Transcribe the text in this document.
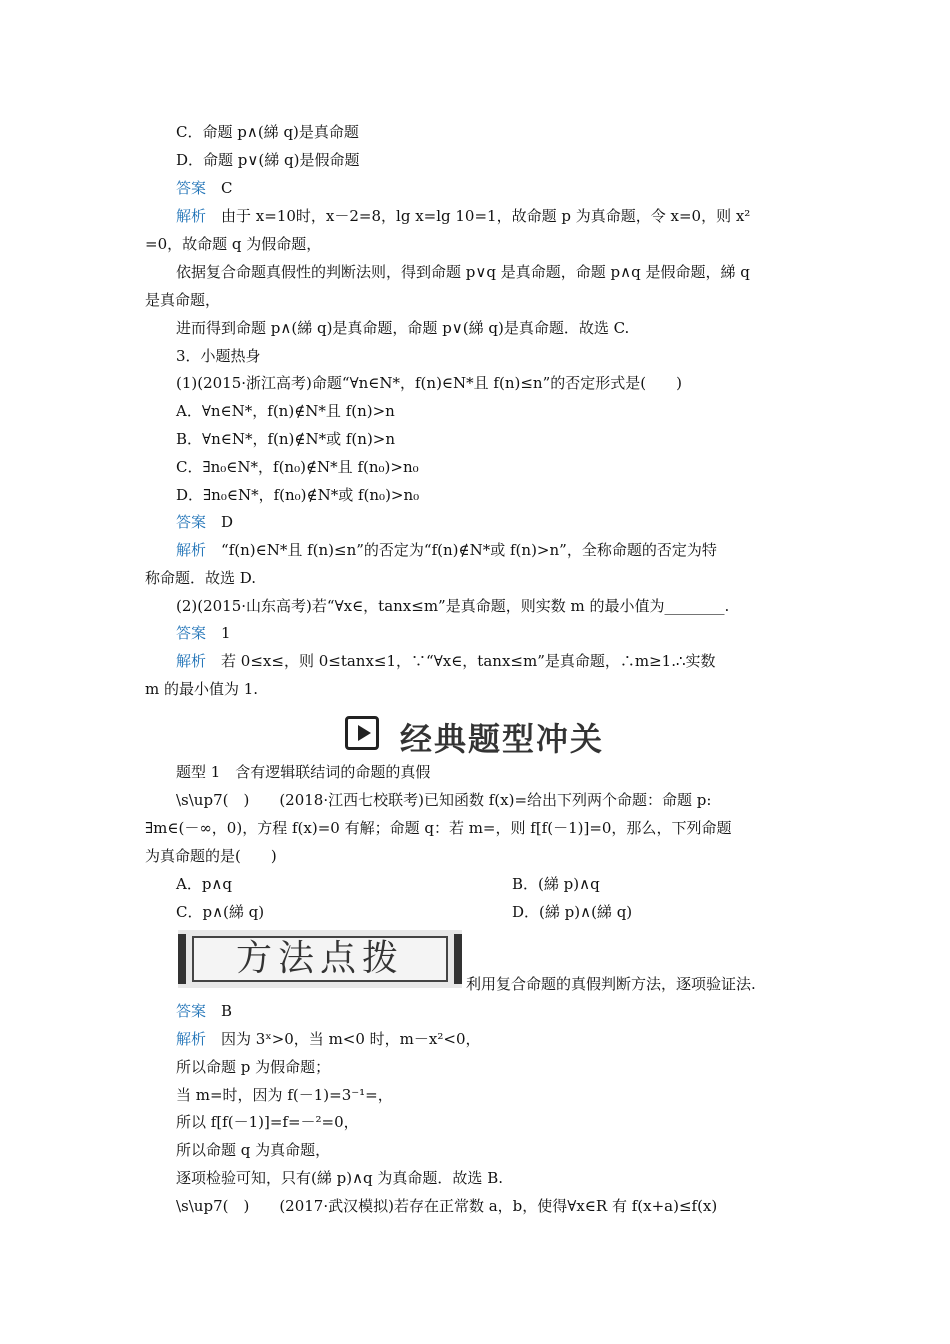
C．命题 p∧(綈 q)是真命题
D．命题 p∨(綈 q)是假命题
答案　 C
解析　 由于 x=10时，x－2=8，lg x=lg 10=1，故命题 p 为真命题，令 x=0，则 x²
=0，故命题 q 为假命题，
依据复合命题真假性的判断法则，得到命题 p∨q 是真命题，命题 p∧q 是假命题，綈 q
是真命题，
进而得到命题 p∧(綈 q)是真命题，命题 p∨(綈 q)是真命题．故选 C.
3．小题热身
(1)(2015·浙江高考)命题“∀n∈N*，f(n)∈N*且 f(n)≤n”的否定形式是(　　)
A．∀n∈N*，f(n)∉N*且 f(n)>n
B．∀n∈N*，f(n)∉N*或 f(n)>n
C．∃n₀∈N*，f(n₀)∉N*且 f(n₀)>n₀
D．∃n₀∈N*，f(n₀)∉N*或 f(n₀)>n₀
答案　 D
解析　 “f(n)∈N*且 f(n)≤n”的否定为“f(n)∉N*或 f(n)>n”，全称命题的否定为特
称命题．故选 D.
(2)(2015·山东高考)若“∀x∈，tanx≤m”是真命题，则实数 m 的最小值为________.
答案　 1
解析　 若 0≤x≤，则 0≤tanx≤1，∵“∀x∈，tanx≤m”是真命题，∴m≥1.∴实数
m 的最小值为 1.
经典题型冲关
题型 1　含有逻辑联结词的命题的真假
\s\up7(　)　　(2018·江西七校联考)已知函数 f(x)=给出下列两个命题：命题 p:
∃m∈(－∞，0)，方程 f(x)=0 有解；命题 q：若 m=，则 f[f(－1)]=0，那么，下列命题
为真命题的是(　　)
A．p∧q	B．(綈 p)∧q
C．p∧(綈 q)	D．(綈 p)∧(綈 q)
方法点拨
利用复合命题的真假判断方法，逐项验证法.
答案　 B
解析　 因为 3ˣ>0，当 m<0 时，m－x²<0，
所以命题 p 为假命题；
当 m=时，因为 f(－1)=3⁻¹=，
所以 f[f(－1)]=f=－²=0，
所以命题 q 为真命题，
逐项检验可知，只有(綈 p)∧q 为真命题．故选 B.
\s\up7(　)　　(2017·武汉模拟)若存在正常数 a，b，使得∀x∈R 有 f(x+a)≤f(x)
